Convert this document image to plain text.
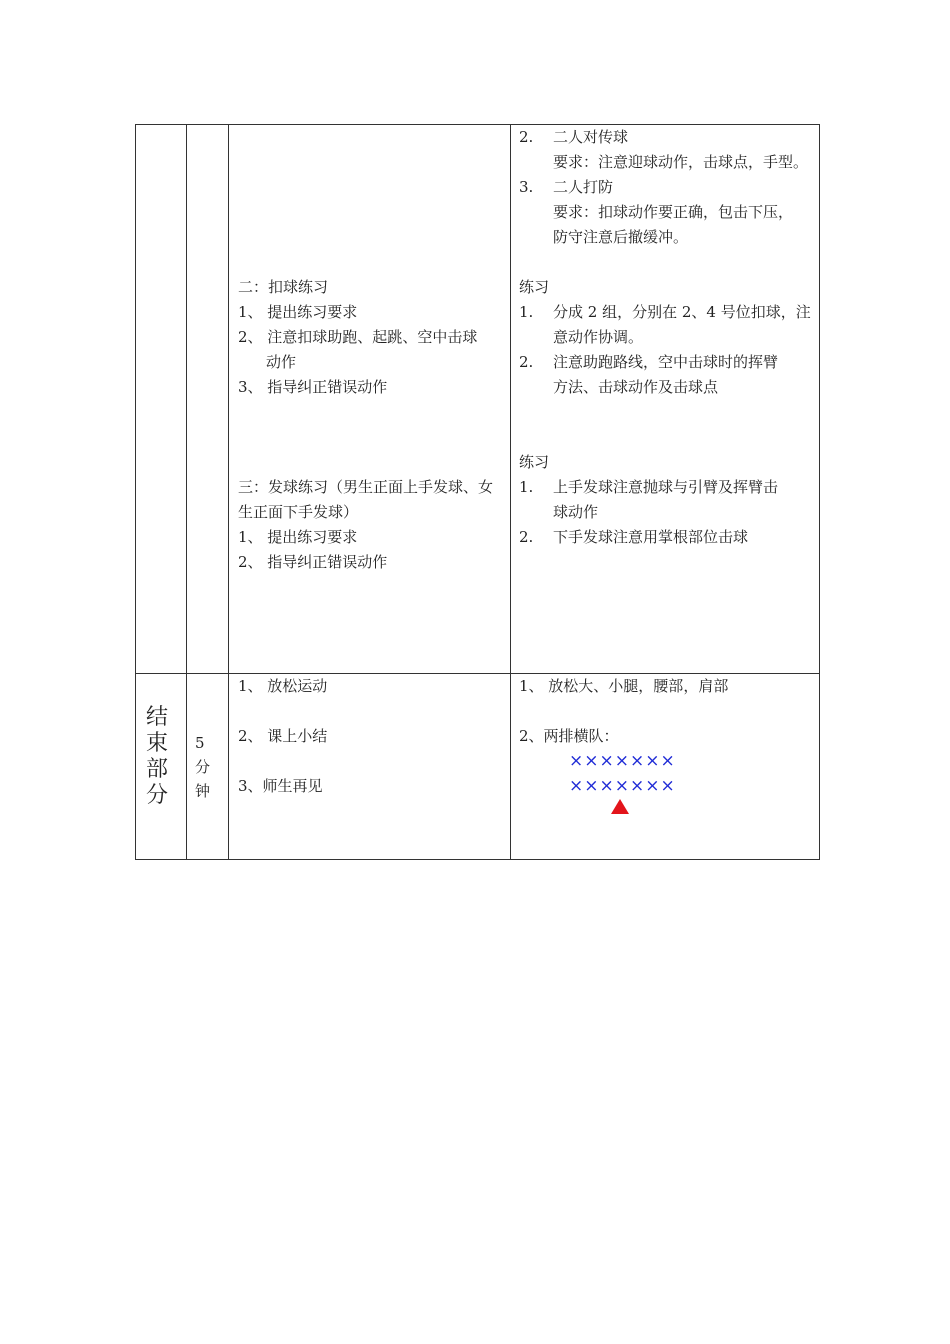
二：扣球练习
1、 提出练习要求
2、 注意扣球助跑、起跳、空中击球
动作
3、 指导纠正错误动作
三：发球练习（男生正面上手发球、女
生正面下手发球）
1、 提出练习要求
2、 指导纠正错误动作
2. 二人对传球
要求：注意迎球动作，击球点，手型。
3. 二人打防
要求：扣球动作要正确，包击下压，
防守注意后撤缓冲。
练习
1. 分成 2 组，分别在 2、4 号位扣球，注
意动作协调。
2. 注意助跑路线，空中击球时的挥臂
方法、击球动作及击球点
练习
1. 上手发球注意抛球与引臂及挥臂击
球动作
2. 下手发球注意用掌根部位击球
结
束
部
分
5
分
钟
1、 放松运动
2、 课上小结
3、师生再见
1、 放松大、小腿，腰部，肩部
2、两排横队：
×××××××
×××××××
